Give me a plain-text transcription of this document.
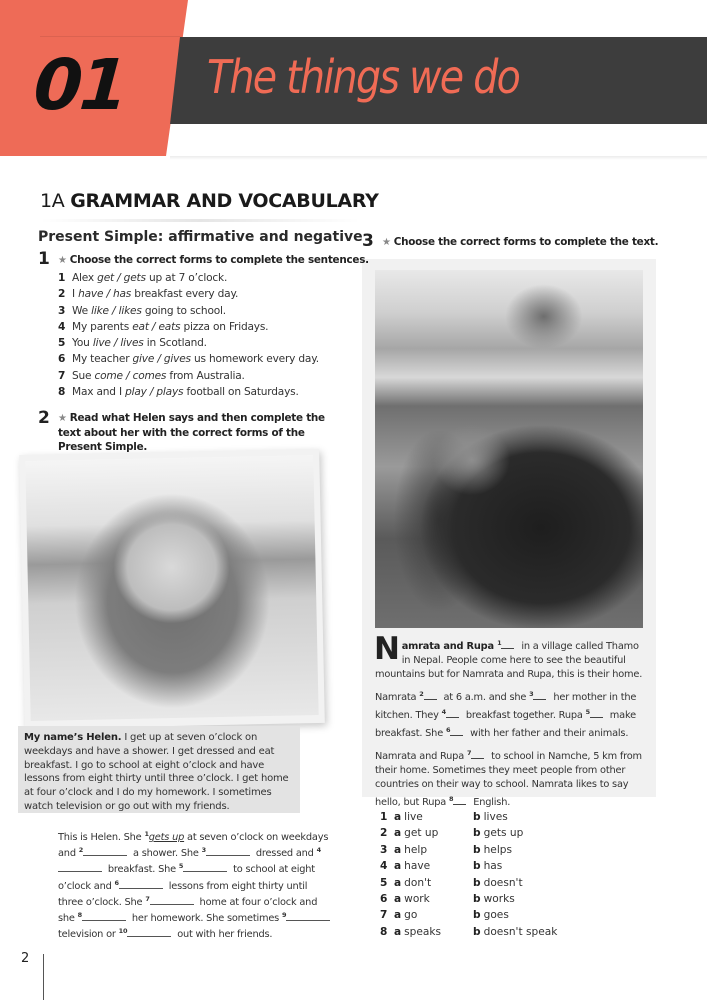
01 The things we do
1A GRAMMAR AND VOCABULARY
Present Simple: affirmative and negative
1 ★ Choose the correct forms to complete the sentences.
1 Alex get / gets up at 7 o’clock.
2 I have / has breakfast every day.
3 We like / likes going to school.
4 My parents eat / eats pizza on Fridays.
5 You live / lives in Scotland.
6 My teacher give / gives us homework every day.
7 Sue come / comes from Australia.
8 Max and I play / plays football on Saturdays.
2 ★ Read what Helen says and then complete the text about her with the correct forms of the Present Simple.
My name’s Helen. I get up at seven o’clock on weekdays and have a shower. I get dressed and eat breakfast. I go to school at eight o’clock and have lessons from eight thirty until three o’clock. I get home at four o’clock and I do my homework. I sometimes watch television or go out with my friends.
This is Helen. She $^1$gets up at seven o’clock on weekdays and $^2$	a shower. She $^3$	dressed and $^4$ breakfast. She $^5$	to school at eight o’clock and $^6$	lessons from eight thirty until three o’clock. She $^7$	home at four o’clock and she $^8$	her homework. She sometimes $^9$ television or $^{10}$	out with her friends.
3 ★ Choose the correct forms to complete the text.

Namrata and Rupa $^1$ in a village called Thamo in Nepal. People come here to see the beautiful mountains but for Namrata and Rupa, this is their home.

Namrata $^2$ at 6 a.m. and she $^3$ her mother in the kitchen. They $^4$ breakfast together. Rupa $^5$ make breakfast. She $^6$ with her father and their animals.

Namrata and Rupa $^7$ to school in Namche, 5 km from their home. Sometimes they meet people from other countries on their way to school. Namrata likes to say hello, but Rupa $^8$ English.

1 a live	b lives
2 a get up	b gets up
3 a help	b helps
4 a have	b has
5 a don't	b doesn't
6 a work	b works
7 a go	b goes
8 a speaks	b doesn't speak
2
